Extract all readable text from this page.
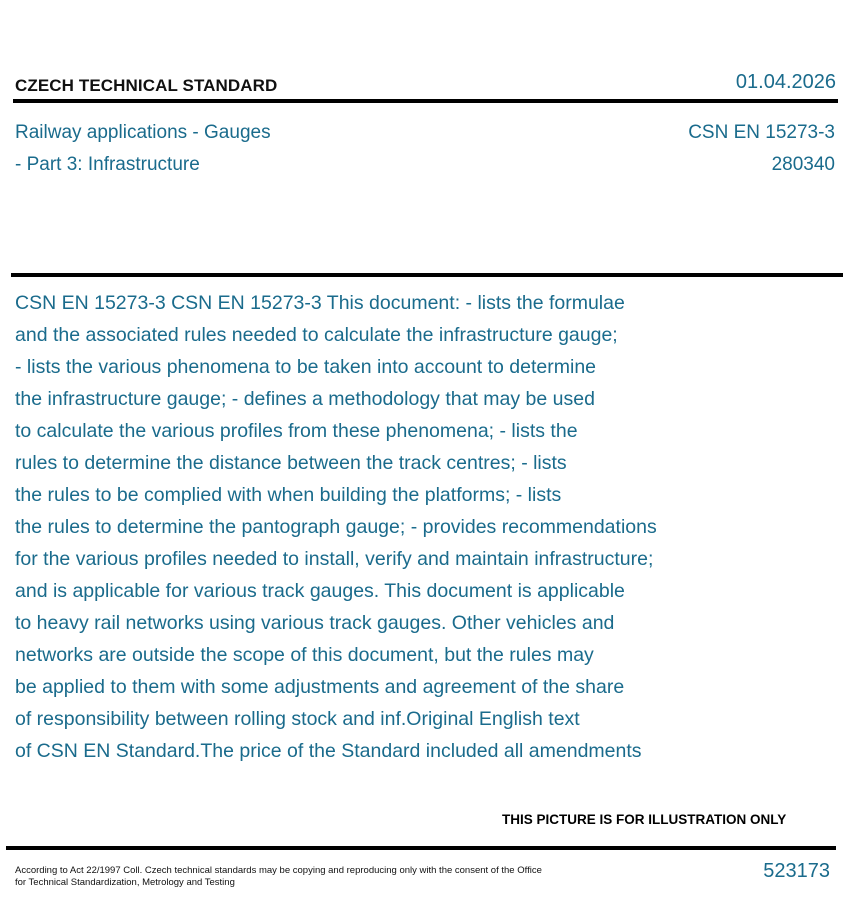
CZECH TECHNICAL STANDARD	01.04.2026
Railway applications - Gauges
- Part 3: Infrastructure
CSN EN 15273-3
280340
CSN EN 15273-3 CSN EN 15273-3 This document: - lists the formulae
and the associated rules needed to calculate the infrastructure gauge;
- lists the various phenomena to be taken into account to determine
the infrastructure gauge; - defines a methodology that may be used
to calculate the various profiles from these phenomena; - lists the
rules to determine the distance between the track centres; - lists
the rules to be complied with when building the platforms; - lists
the rules to determine the pantograph gauge; - provides recommendations
for the various profiles needed to install, verify and maintain infrastructure;
and is applicable for various track gauges. This document is applicable
to heavy rail networks using various track gauges. Other vehicles and
networks are outside the scope of this document, but the rules may
be applied to them with some adjustments and agreement of the share
of responsibility between rolling stock and inf.Original English text
of CSN EN Standard.The price of the Standard included all amendments
THIS PICTURE IS FOR ILLUSTRATION ONLY
According to Act 22/1997 Coll. Czech technical standards may be copying and reproducing only with the consent of the Office
for Technical Standardization, Metrology and Testing
523173
